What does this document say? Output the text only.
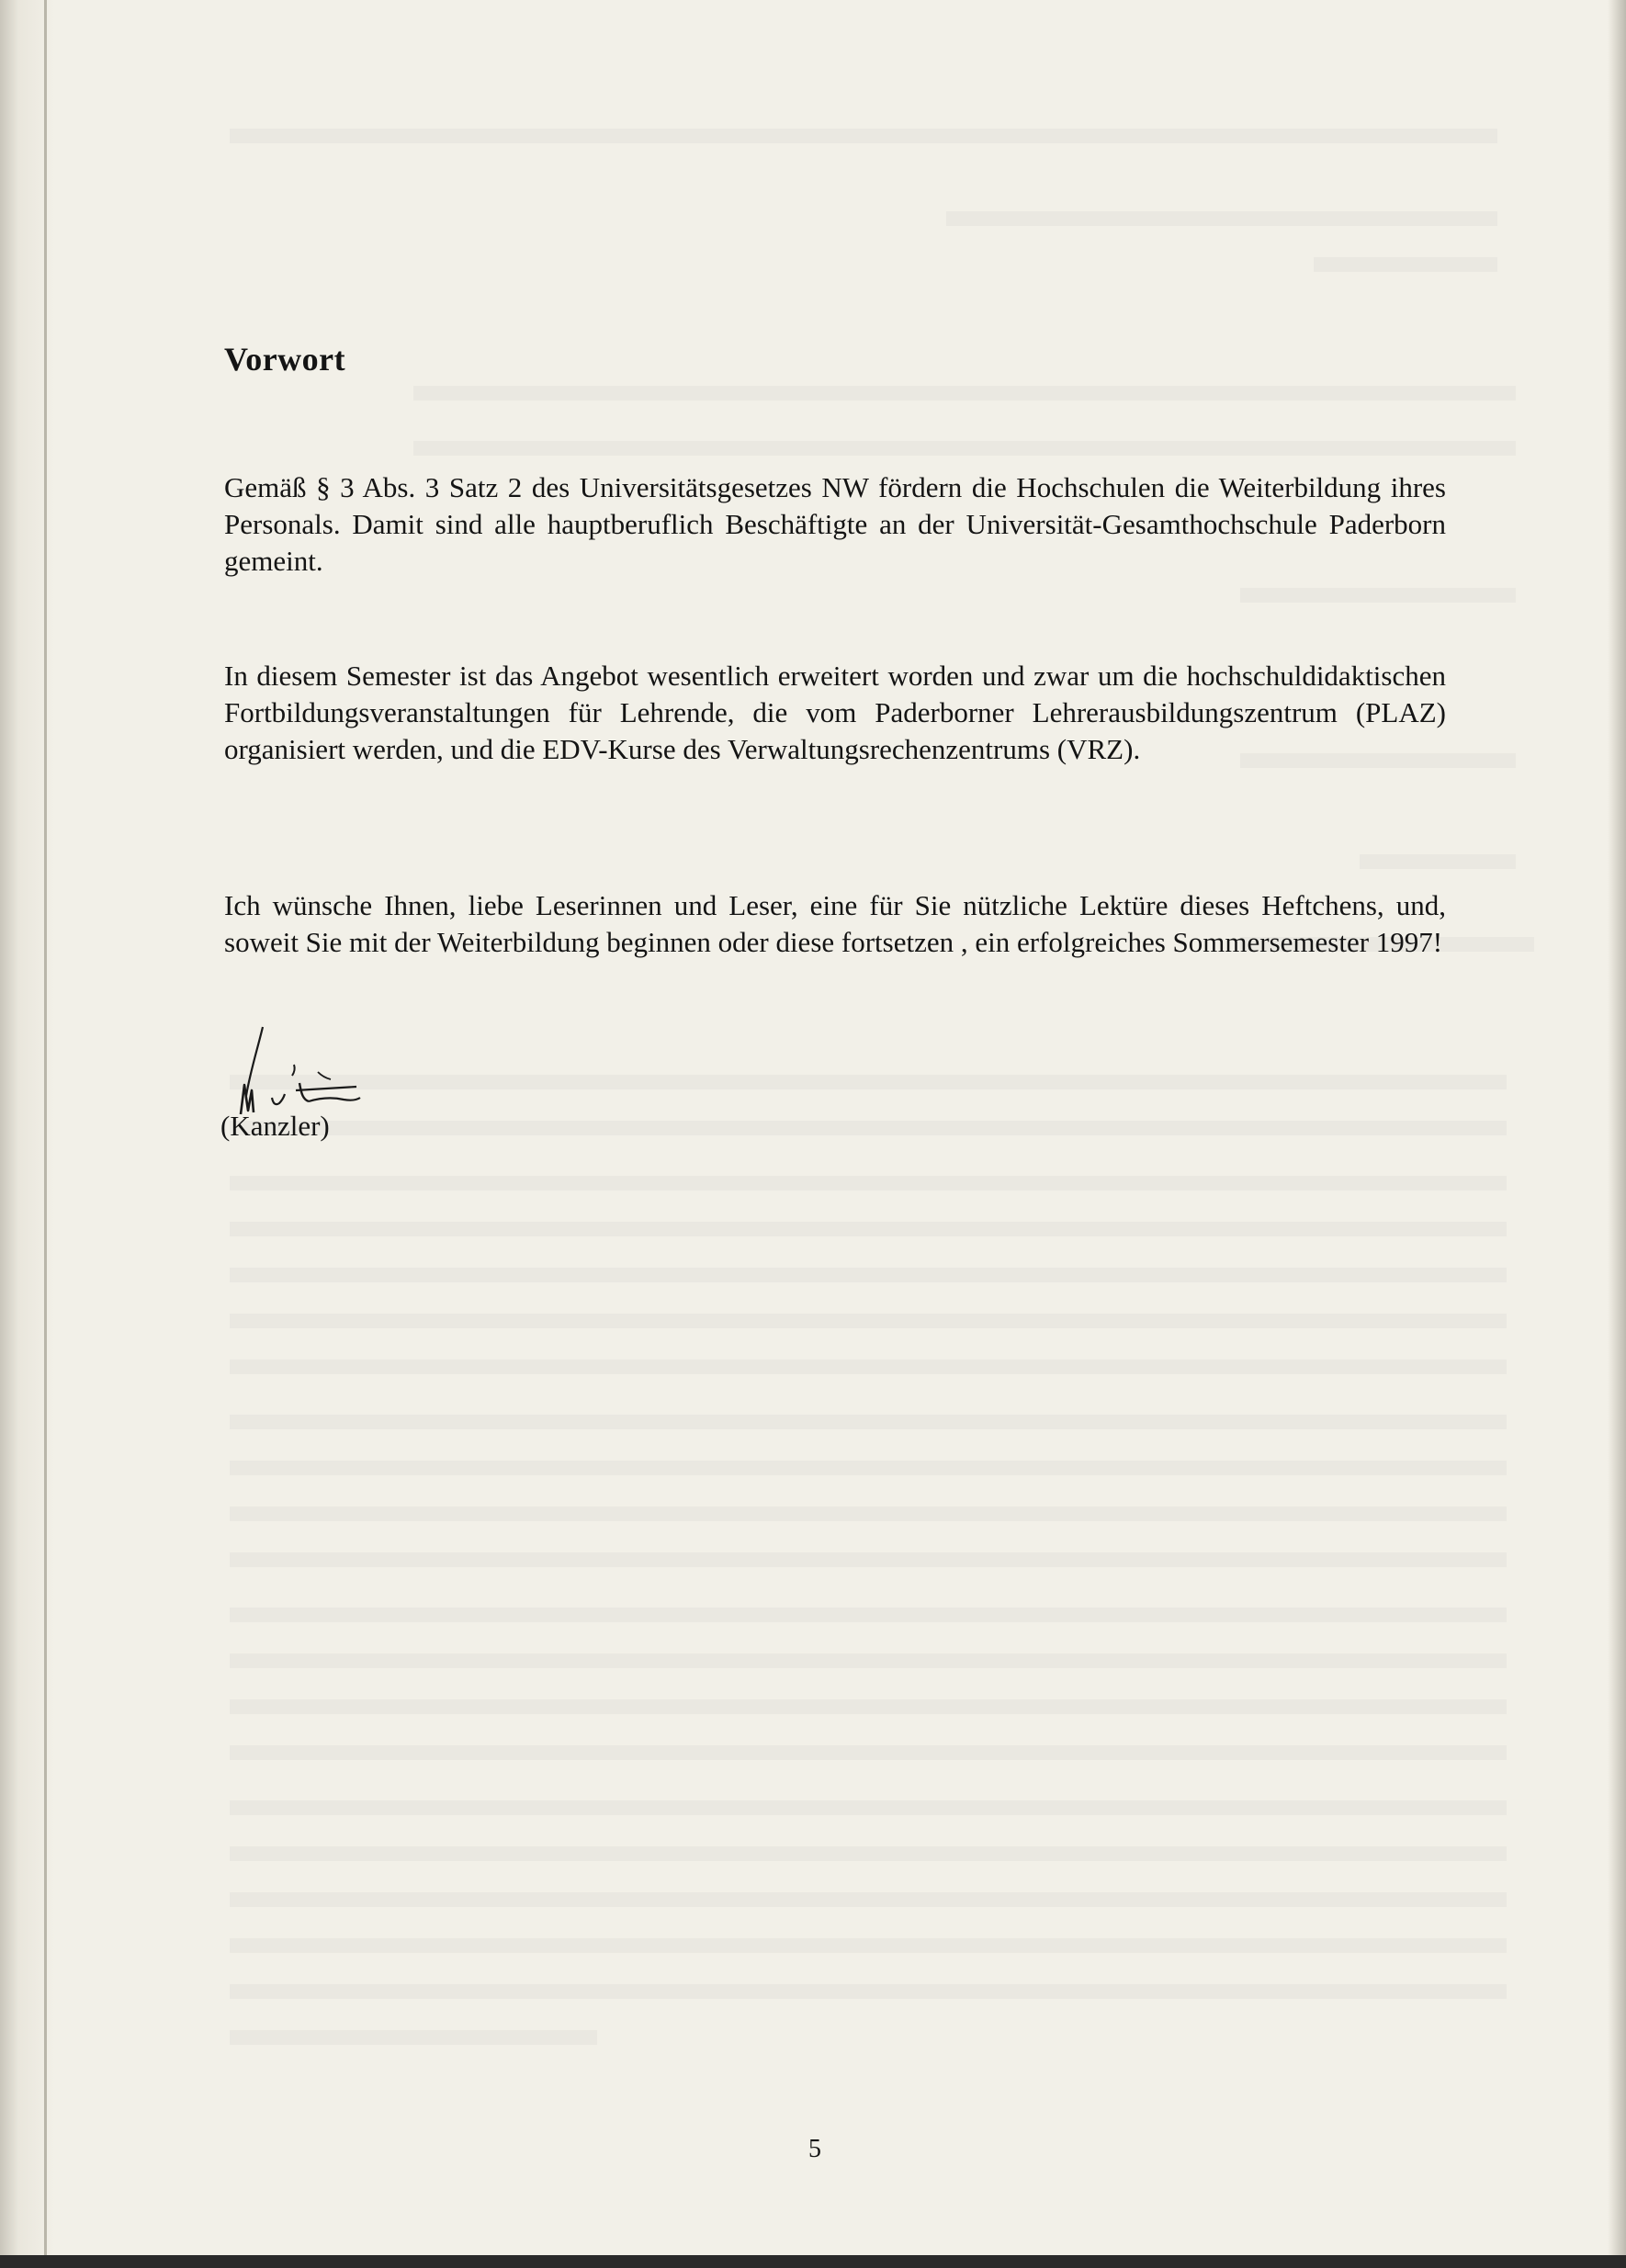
Vorwort

Gemäß § 3 Abs. 3 Satz 2 des Universitätsgesetzes NW fördern die Hochschulen die Weiterbildung ihres Personals. Damit sind alle hauptberuflich Beschäftigte an der Universität-Gesamthochschule Paderborn gemeint.

In diesem Semester ist das Angebot wesentlich erweitert worden und zwar um die hochschuldidaktischen Fortbildungsveranstaltungen für Lehrende, die vom Paderborner Lehrerausbildungszentrum (PLAZ) organisiert werden, und die EDV-Kurse des Verwaltungsrechenzentrums (VRZ).

Ich wünsche Ihnen, liebe Leserinnen und Leser, eine für Sie nützliche Lektüre dieses Heftchens, und, soweit Sie mit der Weiterbildung beginnen oder diese fortsetzen , ein erfolgreiches Sommersemester 1997!

(Kanzler)
5
